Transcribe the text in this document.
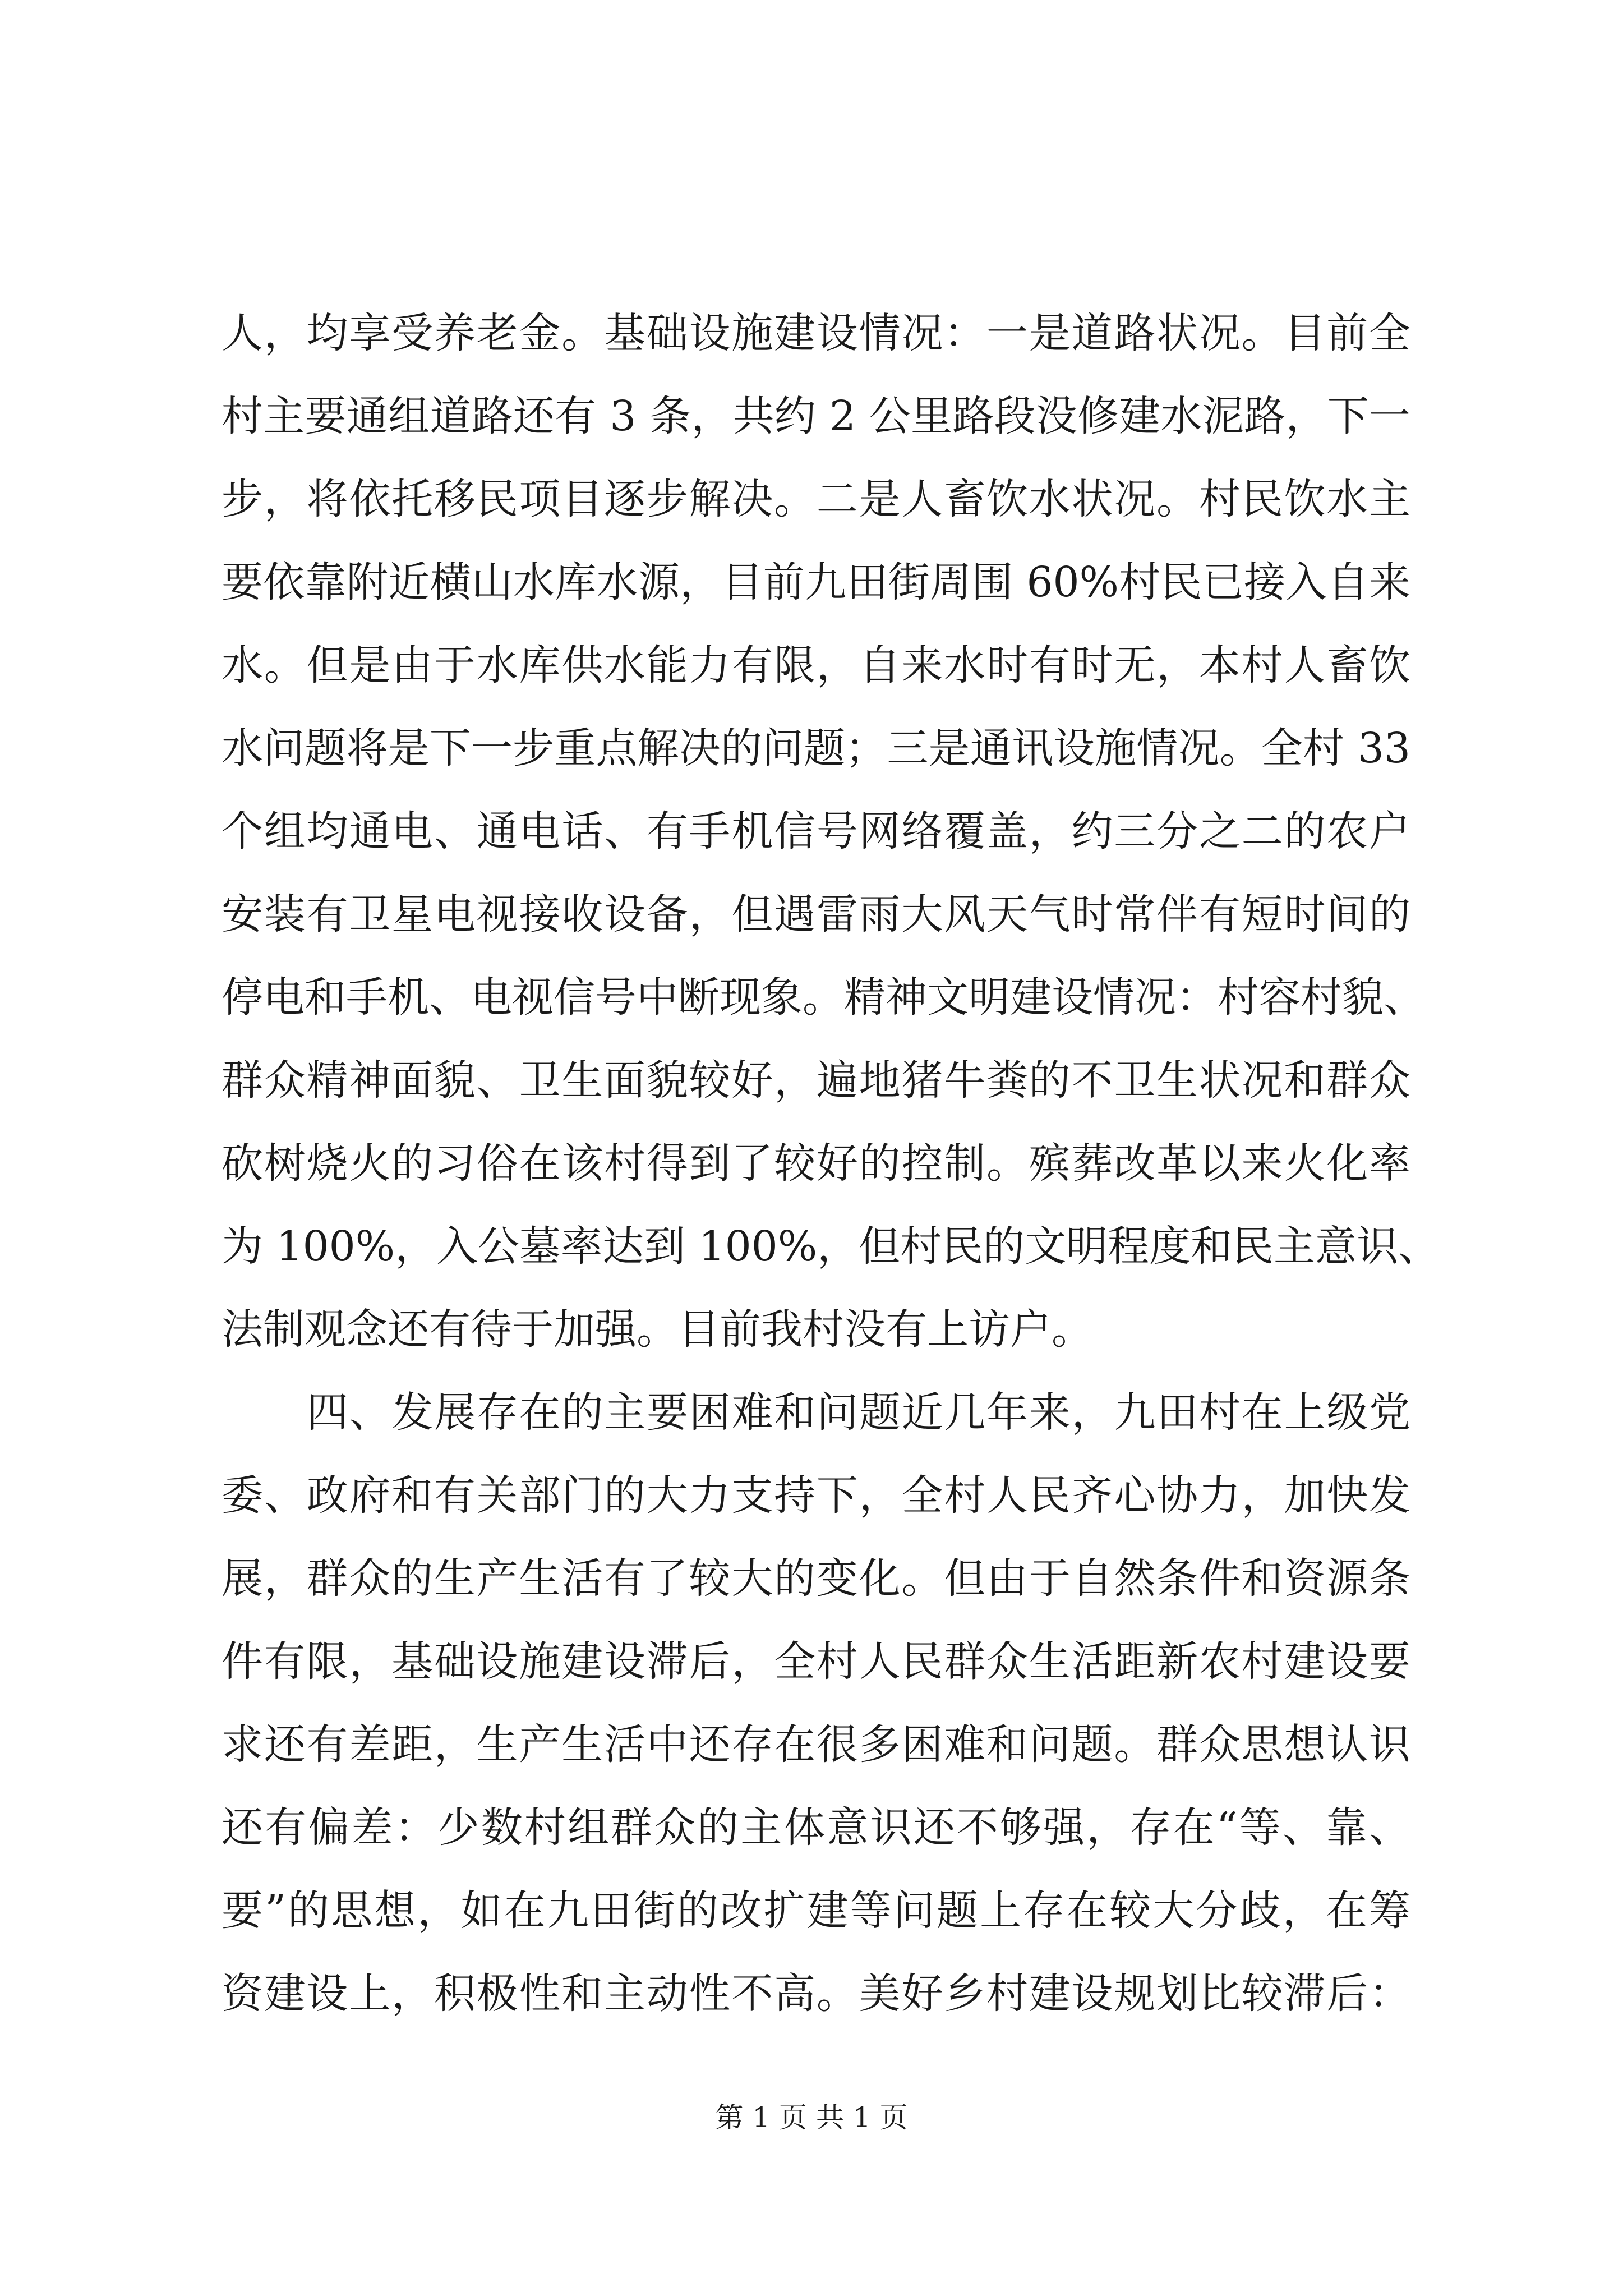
人，均享受养老金。基础设施建设情况：一是道路状况。目前全
村主要通组道路还有 3 条，共约 2 公里路段没修建水泥路，下一
步，将依托移民项目逐步解决。二是人畜饮水状况。村民饮水主
要依靠附近横山水库水源，目前九田街周围 60%村民已接入自来
水。但是由于水库供水能力有限，自来水时有时无，本村人畜饮
水问题将是下一步重点解决的问题；三是通讯设施情况。全村 33
个组均通电、通电话、有手机信号网络覆盖，约三分之二的农户
安装有卫星电视接收设备，但遇雷雨大风天气时常伴有短时间的
停电和手机、电视信号中断现象。精神文明建设情况：村容村貌、
群众精神面貌、卫生面貌较好，遍地猪牛粪的不卫生状况和群众
砍树烧火的习俗在该村得到了较好的控制。殡葬改革以来火化率
为 100%，入公墓率达到 100%，但村民的文明程度和民主意识、
法制观念还有待于加强。目前我村没有上访户。
四、发展存在的主要困难和问题近几年来，九田村在上级党
委、政府和有关部门的大力支持下，全村人民齐心协力，加快发
展，群众的生产生活有了较大的变化。但由于自然条件和资源条
件有限，基础设施建设滞后，全村人民群众生活距新农村建设要
求还有差距，生产生活中还存在很多困难和问题。群众思想认识
还有偏差：少数村组群众的主体意识还不够强，存在“等、靠、
要”的思想，如在九田街的改扩建等问题上存在较大分歧，在筹
资建设上，积极性和主动性不高。美好乡村建设规划比较滞后：
第 1 页 共 1 页
